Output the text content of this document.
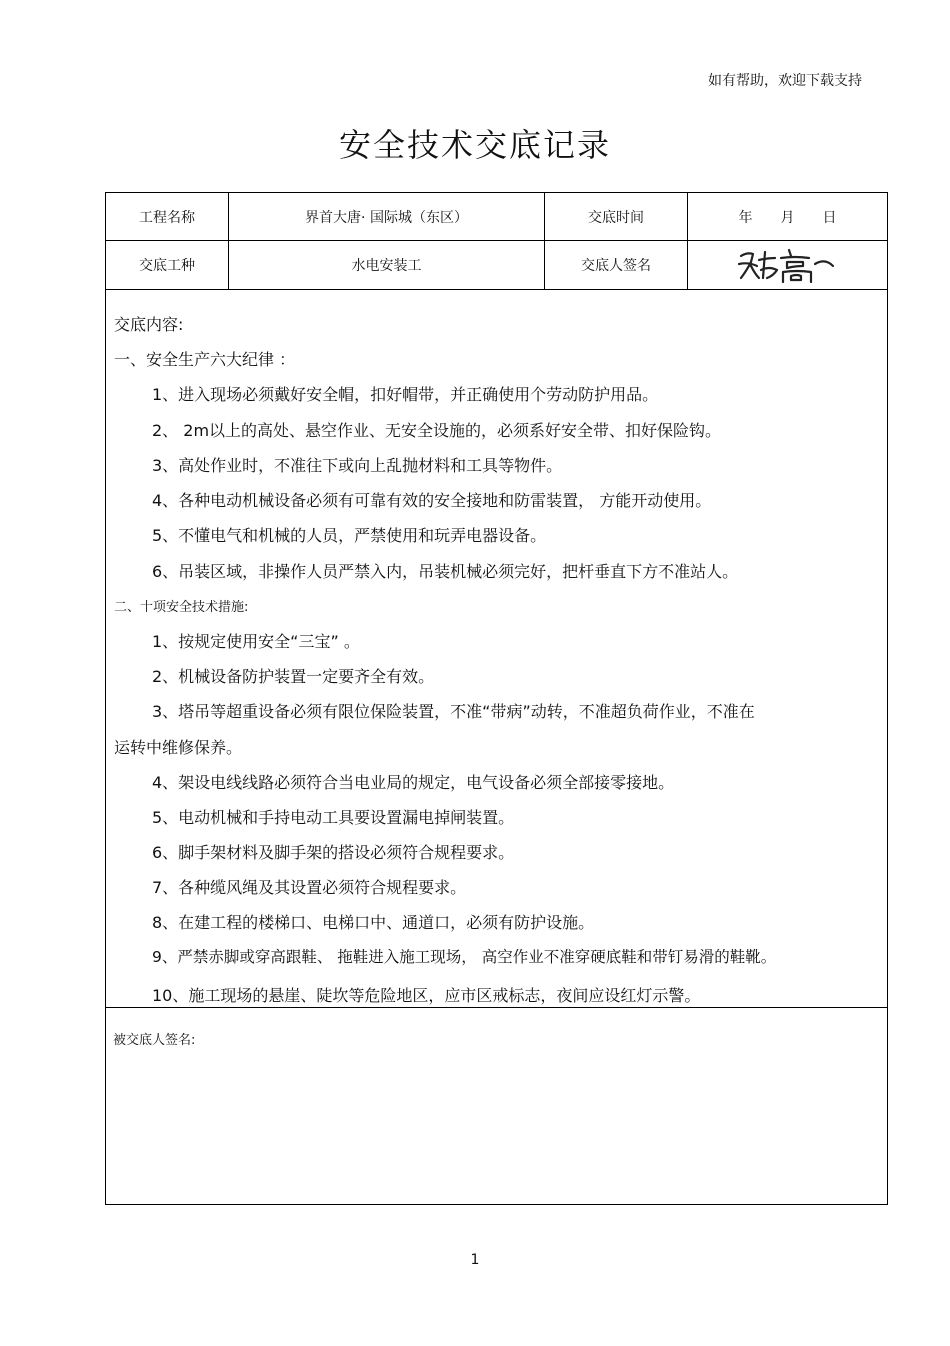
如有帮助，欢迎下载支持
安全技术交底记录
工程名称	界首大唐· 国际城（东区）	交底时间	年 月 日
交底工种	水电安装工	交底人签名
交底内容:
一、安全生产六大纪律 ：
1、进入现场必须戴好安全帽，扣好帽带，并正确使用个劳动防护用品。
2、 2m以上的高处、悬空作业、无安全设施的，必须系好安全带、扣好保险钩。
3、高处作业时，不准往下或向上乱抛材料和工具等物件。
4、各种电动机械设备必须有可靠有效的安全接地和防雷装置， 方能开动使用。
5、不懂电气和机械的人员，严禁使用和玩弄电器设备。
6、吊装区域，非操作人员严禁入内，吊装机械必须完好，把杆垂直下方不准站人。
二、十项安全技术措施:
1、按规定使用安全“三宝” 。
2、机械设备防护装置一定要齐全有效。
3、塔吊等超重设备必须有限位保险装置，不准“带病”动转，不准超负荷作业，不准在
运转中维修保养。
4、架设电线线路必须符合当电业局的规定，电气设备必须全部接零接地。
5、电动机械和手持电动工具要设置漏电掉闸装置。
6、脚手架材料及脚手架的搭设必须符合规程要求。
7、各种缆风绳及其设置必须符合规程要求。
8、在建工程的楼梯口、电梯口中、通道口，必须有防护设施。
9、严禁赤脚或穿高跟鞋、 拖鞋进入施工现场， 高空作业不准穿硬底鞋和带钉易滑的鞋靴。
10、施工现场的悬崖、陡坎等危险地区，应市区戒标志，夜间应设红灯示警。
被交底人签名:
1
